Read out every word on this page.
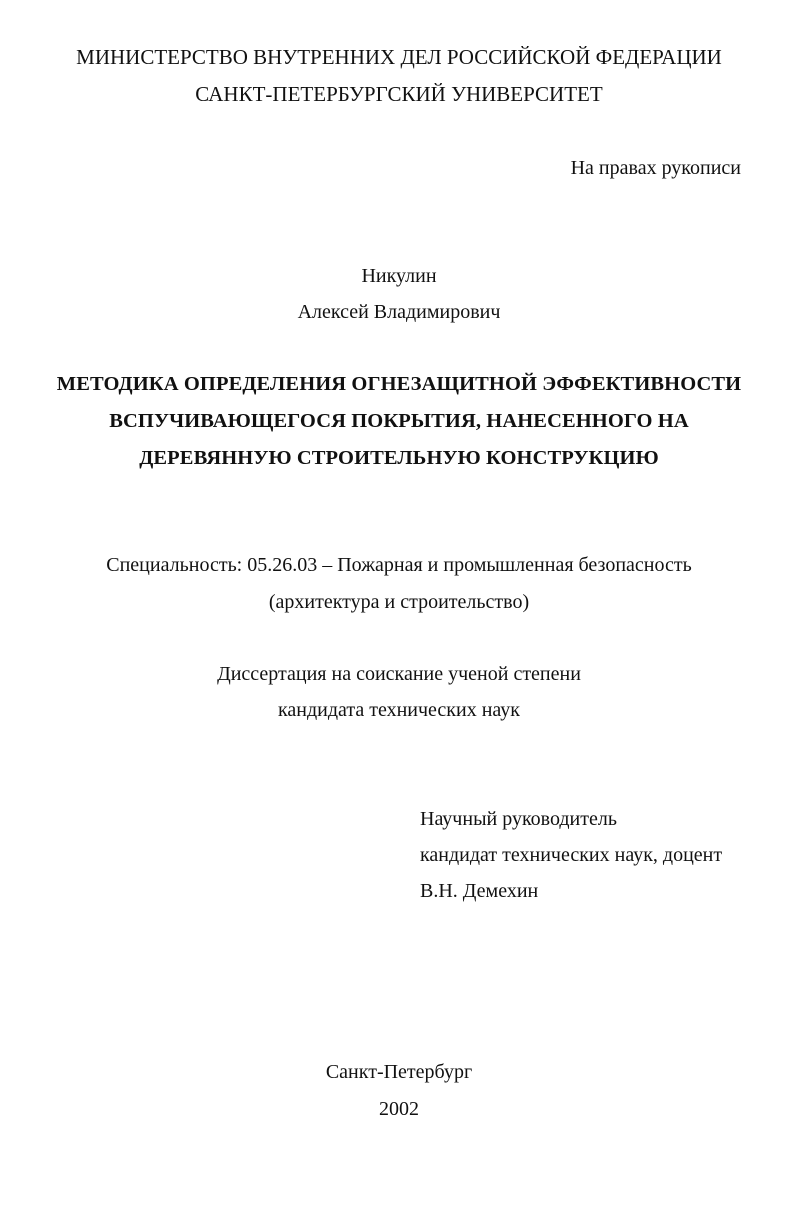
МИНИСТЕРСТВО ВНУТРЕННИХ ДЕЛ РОССИЙСКОЙ ФЕДЕРАЦИИ
САНКТ-ПЕТЕРБУРГСКИЙ УНИВЕРСИТЕТ
На правах рукописи
Никулин
Алексей Владимирович
МЕТОДИКА ОПРЕДЕЛЕНИЯ ОГНЕЗАЩИТНОЙ ЭФФЕКТИВНОСТИ
ВСПУЧИВАЮЩЕГОСЯ ПОКРЫТИЯ, НАНЕСЕННОГО НА
ДЕРЕВЯННУЮ СТРОИТЕЛЬНУЮ КОНСТРУКЦИЮ
Специальность: 05.26.03 – Пожарная и промышленная безопасность
(архитектура и строительство)
Диссертация на соискание ученой степени
кандидата технических наук
Научный руководитель
кандидат технических наук, доцент
В.Н. Демехин
Санкт-Петербург
2002
